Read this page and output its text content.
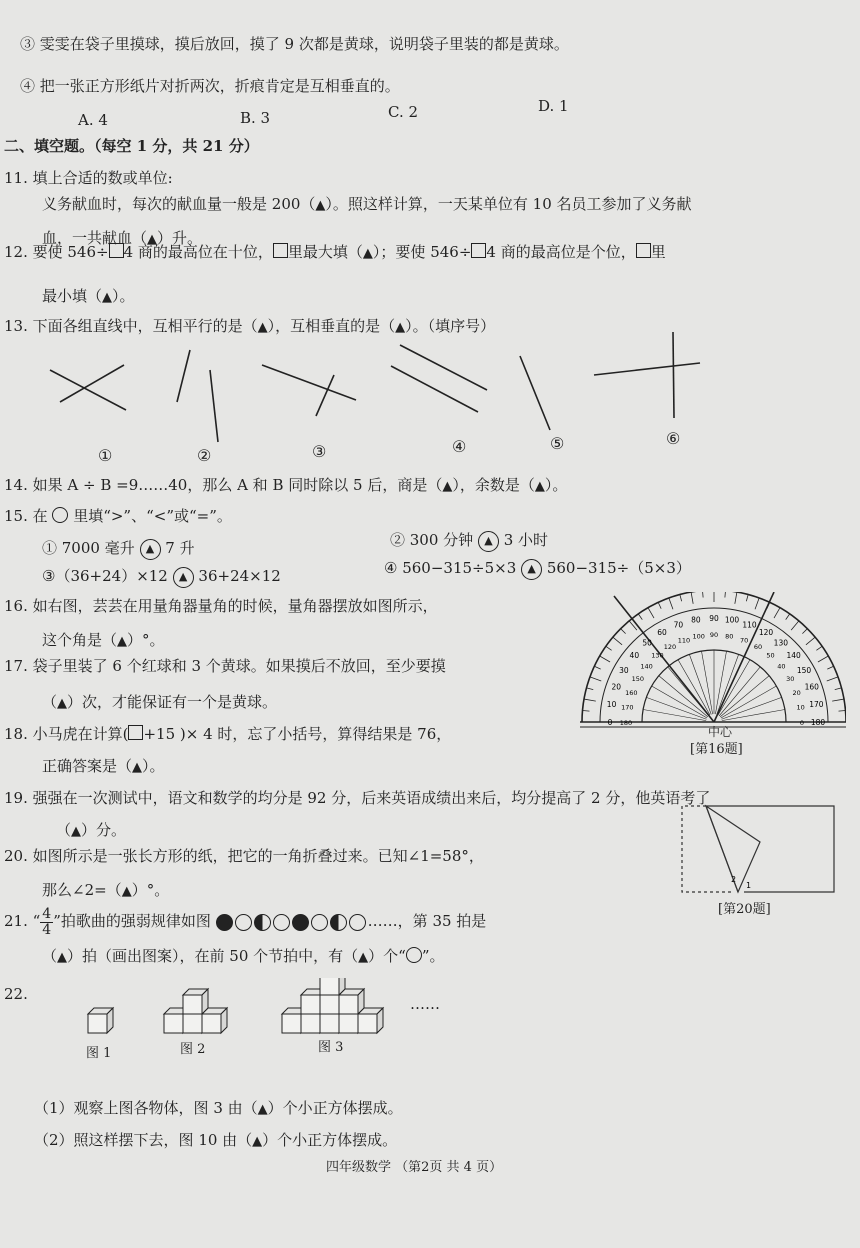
③ 雯雯在袋子里摸球，摸后放回，摸了 9 次都是黄球，说明袋子里装的都是黄球。
④ 把一张正方形纸片对折两次，折痕肯定是互相垂直的。
A. 4	B. 3	C. 2	D. 1
二、填空题。（每空 1 分，共 21 分）
11. 填上合适的数或单位:
义务献血时，每次的献血量一般是 200（▲）。照这样计算，一天某单位有 10 名员工参加了义务献
血，一共献血（▲）升。
12. 要使 546÷ 4 商的最高位在十位， 里最大填（▲）；要使 546÷ 4 商的最高位是个位， 里
最小填（▲）。
13. 下面各组直线中，互相平行的是（▲），互相垂直的是（▲）。（填序号）
①	②	③	④	⑤	⑥
14. 如果 A ÷ B =9……40，那么 A 和 B 同时除以 5 后，商是（▲），余数是（▲）。
15. 在 里填“>”、“<”或“=”。
① 7000 毫升 ▲ 7 升	② 300 分钟 ▲ 3 小时
③（36+24）×12 ▲ 36+24×12	④ 560−315÷5×3 ▲ 560−315÷（5×3）
16. 如右图，芸芸在用量角器量角的时候，量角器摆放如图所示，
这个角是（▲）°。
0
10
20
30
40
50
60
70
80 90 100
110
120
130
140
150
160
170
180
180
170
160
150
140
130
120
110 100 90 80 70
60
50
40
30
20
10
0
中心
[第16题]
17. 袋子里装了 6 个红球和 3 个黄球。如果摸后不放回，至少要摸
（▲）次，才能保证有一个是黄球。
18. 小马虎在计算( +15 )× 4 时，忘了小括号，算得结果是 76，
正确答案是（▲）。
19. 强强在一次测试中，语文和数学的均分是 92 分，后来英语成绩出来后，均分提高了 2 分，他英语考了
（▲）分。
2
1
[第20题]
20. 如图所示是一张长方形的纸，把它的一角折叠过来。已知∠1=58°，
那么∠2=（▲）°。
21. “ $\frac{4}{4}$ ”拍歌曲的强弱规律如图	……，第 35 拍是
（▲）拍（画出图案），在前 50 个节拍中，有（▲）个“ ”。
22.
……
图 1	图 2	图 3
（1）观察上图各物体，图 3 由（▲）个小正方体摆成。
（2）照这样摆下去，图 10 由（▲）个小正方体摆成。
四年级数学 （第2页 共 4 页）
